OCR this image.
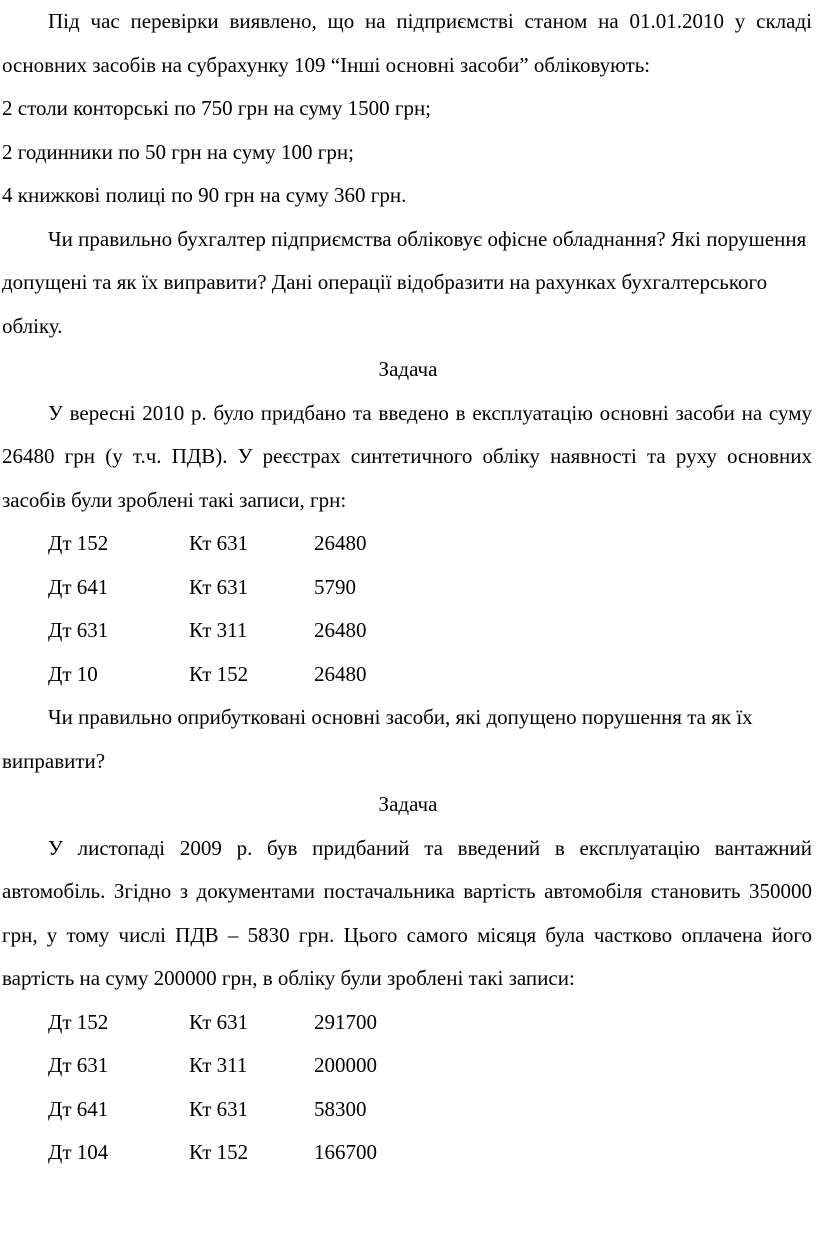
Під час перевірки виявлено, що на підприємстві станом на 01.01.2010 у складі основних засобів на субрахунку 109 “Інші основні засоби” обліковують:

2 столи конторські по 750 грн на суму 1500 грн;

2 годинники по 50 грн на суму 100 грн;

4 книжкові полиці по 90 грн на суму 360 грн.

Чи правильно бухгалтер підприємства обліковує офісне обладнання? Які порушення допущені та як їх виправити? Дані операції відобразити на рахунках бухгалтерського обліку.

Задача

У вересні 2010 р. було придбано та введено в експлуатацію основні засоби на суму 26480 грн (у т.ч. ПДВ). У реєстрах синтетичного обліку наявності та руху основних засобів були зроблені такі записи, грн:

Дт 152	Кт 631	26480
Дт 641	Кт 631	5790
Дт 631	Кт 311	26480
Дт 10	Кт 152	26480

Чи правильно оприбутковані основні засоби, які допущено порушення та як їх виправити?

Задача

У листопаді 2009 р. був придбаний та введений в експлуатацію вантажний автомобіль. Згідно з документами постачальника вартість автомобіля становить 350000 грн, у тому числі ПДВ – 5830 грн. Цього самого місяця була частково оплачена його вартість на суму 200000 грн, в обліку були зроблені такі записи:

Дт 152	Кт 631	291700
Дт 631	Кт 311	200000
Дт 641	Кт 631	58300
Дт 104	Кт 152	166700
